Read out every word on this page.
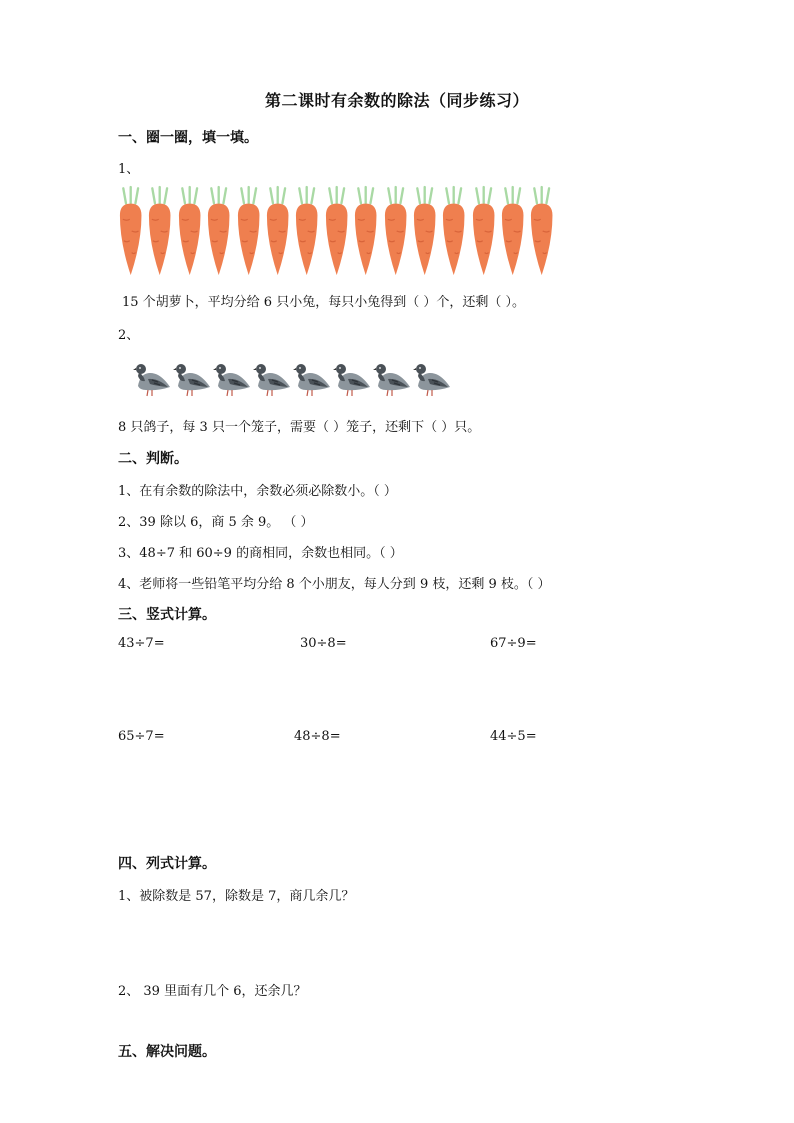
第二课时有余数的除法（同步练习）
一、圈一圈，填一填。
1、
15 个胡萝卜，平均分给 6 只小兔，每只小兔得到（ ）个，还剩（ ）。
2、
8 只鸽子，每 3 只一个笼子，需要（ ）笼子，还剩下（ ）只。
二、判断。
1、在有余数的除法中，余数必须必除数小。（ ）
2、39 除以 6，商 5 余 9。 （ ）
3、48÷7 和 60÷9 的商相同，余数也相同。（ ）
4、老师将一些铅笔平均分给 8 个小朋友，每人分到 9 枝，还剩 9 枝。（ ）
三、竖式计算。
43÷7=	30÷8=	67÷9=
65÷7=	48÷8=	44÷5=
四、列式计算。
1、被除数是 57，除数是 7，商几余几？
2、 39 里面有几个 6，还余几？
五、解决问题。
